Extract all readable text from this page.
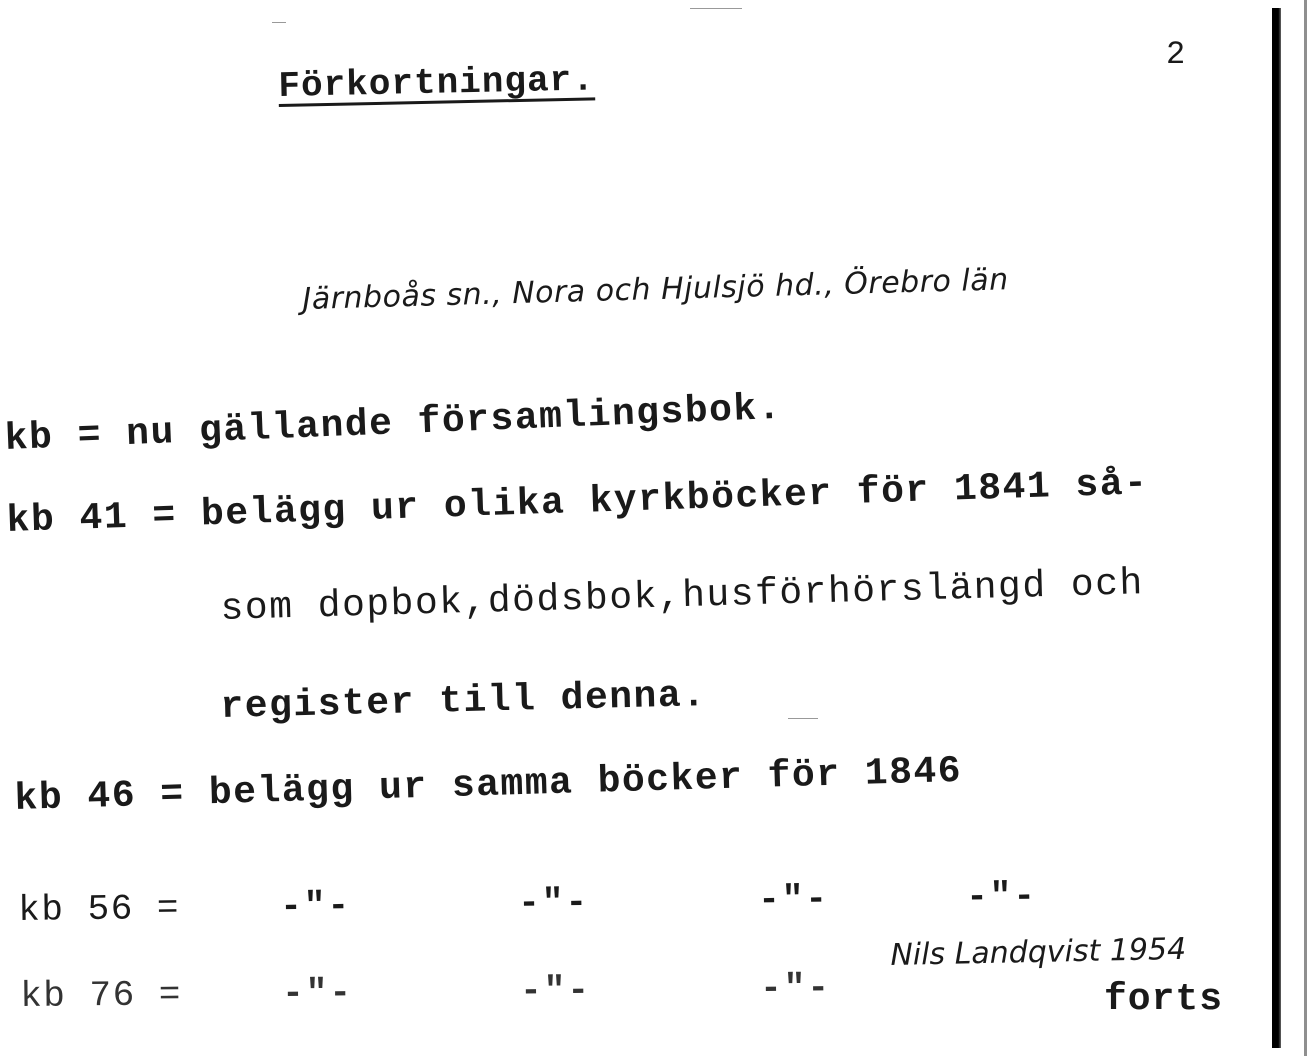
2
Förkortningar.
Järnboås sn., Nora och Hjulsjö hd., Örebro län
kb = nu gällande församlingsbok.
kb 41 = belägg ur olika kyrkböcker för 1841 så-
som dopbok,dödsbok,husförhörslängd och
register till denna.
kb 46 = belägg ur samma böcker för 1846
kb 56 =	-"-	-"-	-"-	-"-
kb 76 =	-"-	-"-	-"-
Nils Landqvist 1954
forts
